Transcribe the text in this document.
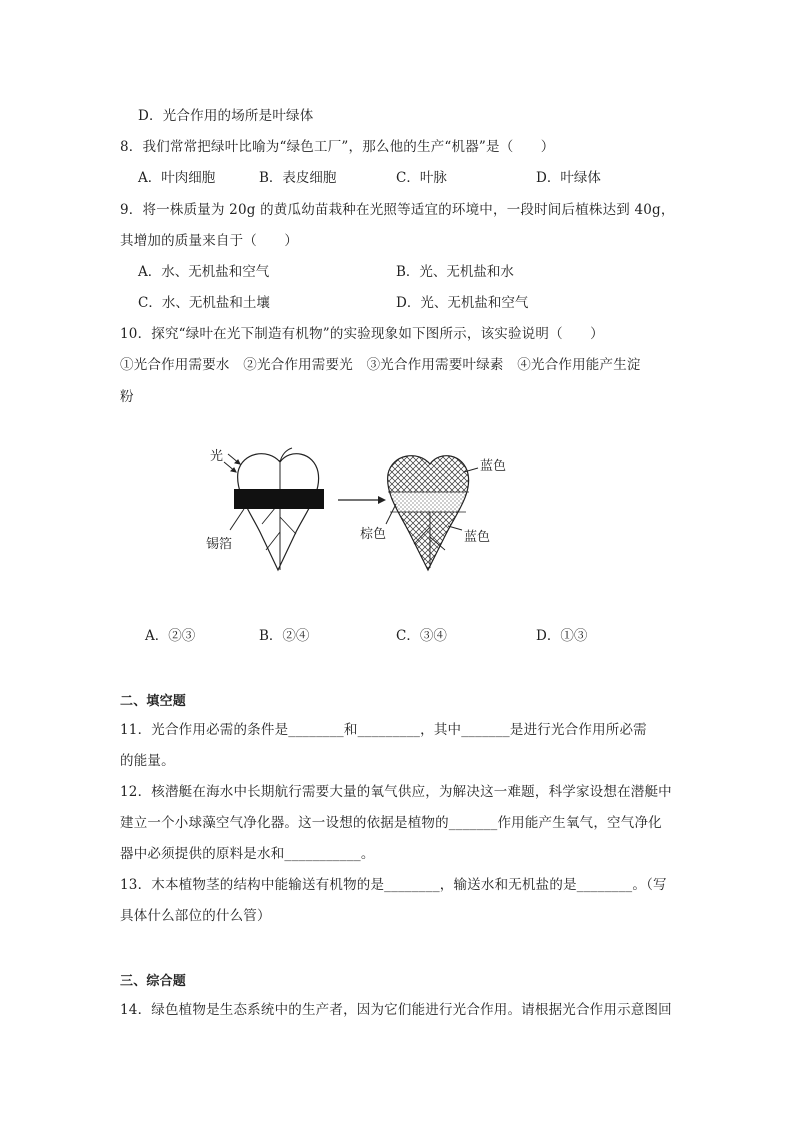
D．光合作用的场所是叶绿体
8．我们常常把绿叶比喻为“绿色工厂”，那么他的生产“机器”是（　　）
A．叶肉细胞	B．表皮细胞	C．叶脉	D．叶绿体
9．将一株质量为 20g 的黄瓜幼苗栽种在光照等适宜的环境中，一段时间后植株达到 40g，
其增加的质量来自于（　　）
A．水、无机盐和空气	B．光、无机盐和水
C．水、无机盐和土壤	D．光、无机盐和空气
10．探究“绿叶在光下制造有机物”的实验现象如下图所示，该实验说明（　　）
①光合作用需要水　②光合作用需要光　③光合作用需要叶绿素　④光合作用能产生淀
粉
光
锡箔
蓝色
棕色	蓝色
A．②③	B．②④	C．③④	D．①③
二、填空题
11．光合作用必需的条件是________和_________，其中_______是进行光合作用所必需
的能量。
12．核潜艇在海水中长期航行需要大量的氧气供应，为解决这一难题，科学家设想在潜艇中
建立一个小球藻空气净化器。这一设想的依据是植物的_______作用能产生氧气，空气净化
器中必须提供的原料是水和___________。
13．木本植物茎的结构中能输送有机物的是________，输送水和无机盐的是________。（写
具体什么部位的什么管）
三、综合题
14．绿色植物是生态系统中的生产者，因为它们能进行光合作用。请根据光合作用示意图回
